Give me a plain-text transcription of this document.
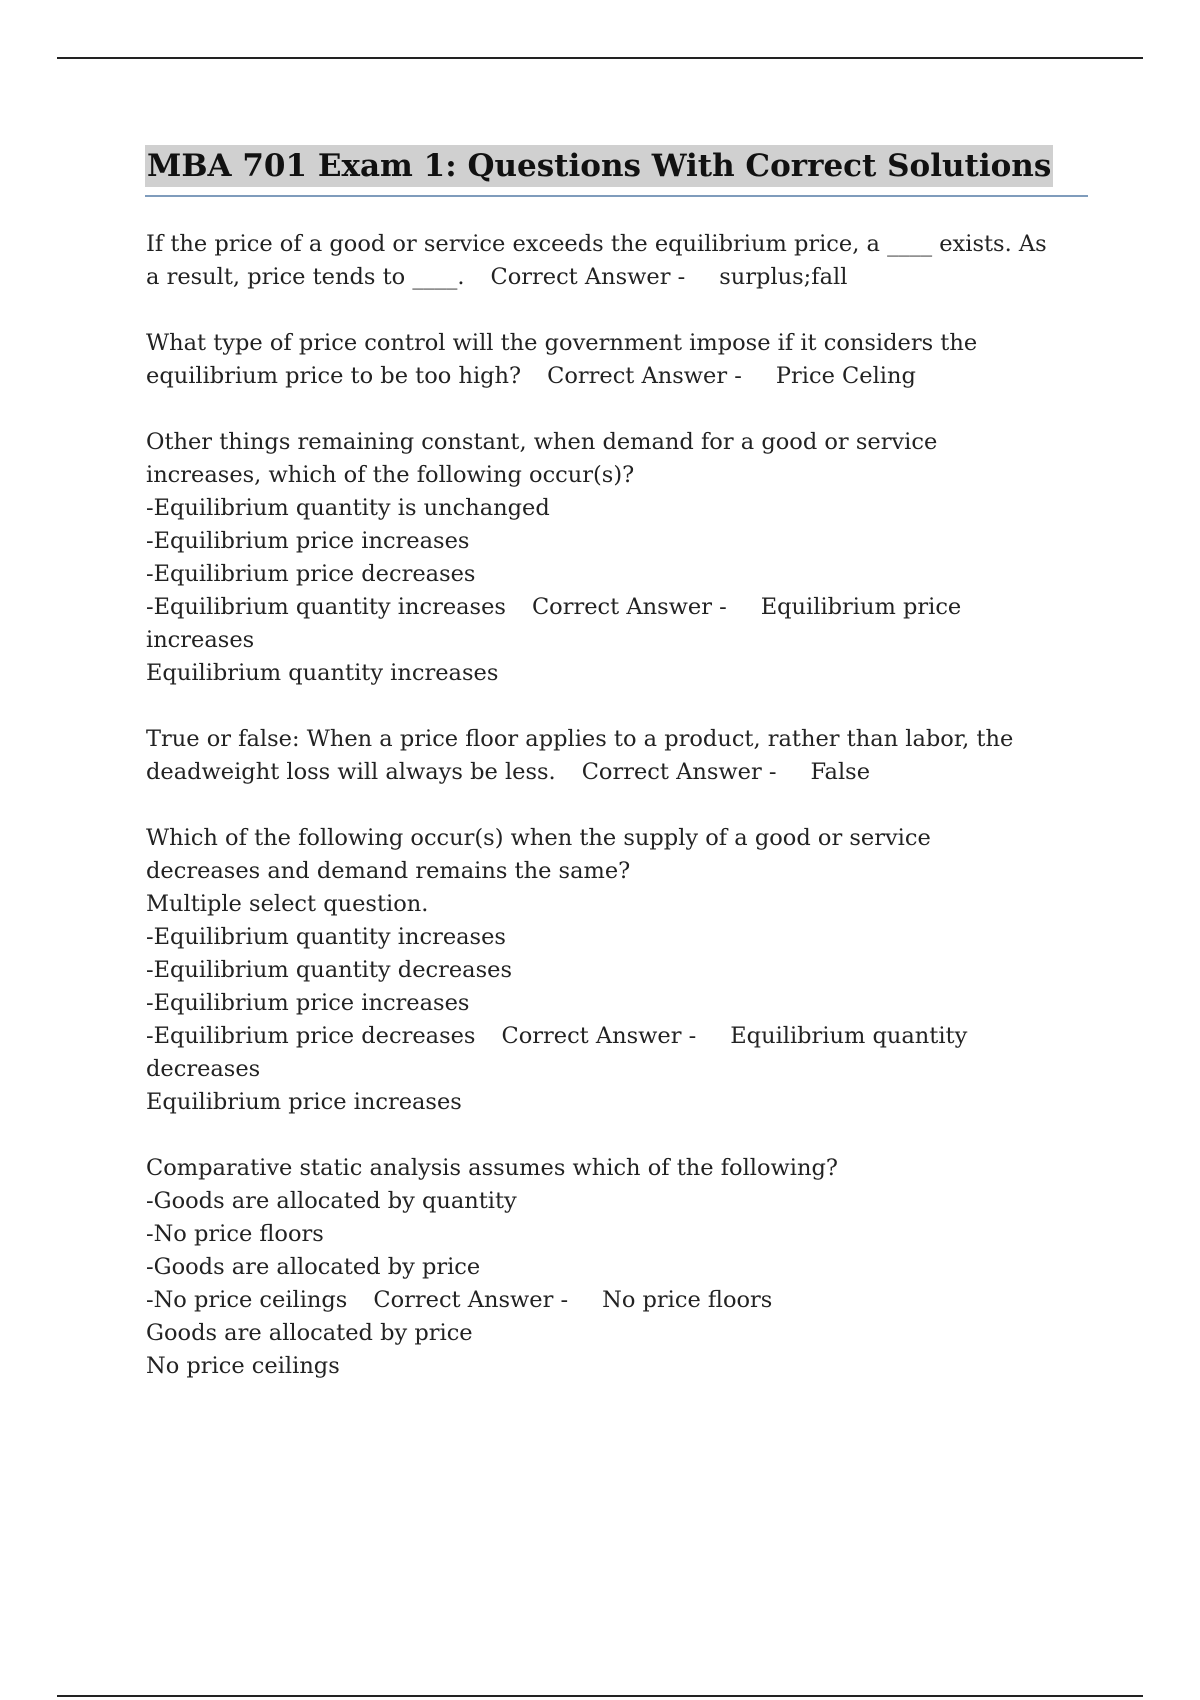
MBA 701 Exam 1: Questions With Correct Solutions
If the price of a good or service exceeds the equilibrium price, a ____ exists. As
a result, price tends to ____. Correct Answer - surplus;fall
What type of price control will the government impose if it considers the
equilibrium price to be too high? Correct Answer - Price Celing
Other things remaining constant, when demand for a good or service
increases, which of the following occur(s)?
-Equilibrium quantity is unchanged
-Equilibrium price increases
-Equilibrium price decreases
-Equilibrium quantity increases Correct Answer - Equilibrium price
increases
Equilibrium quantity increases
True or false: When a price floor applies to a product, rather than labor, the
deadweight loss will always be less. Correct Answer - False
Which of the following occur(s) when the supply of a good or service
decreases and demand remains the same?
Multiple select question.
-Equilibrium quantity increases
-Equilibrium quantity decreases
-Equilibrium price increases
-Equilibrium price decreases Correct Answer - Equilibrium quantity
decreases
Equilibrium price increases
Comparative static analysis assumes which of the following?
-Goods are allocated by quantity
-No price floors
-Goods are allocated by price
-No price ceilings Correct Answer - No price floors
Goods are allocated by price
No price ceilings
